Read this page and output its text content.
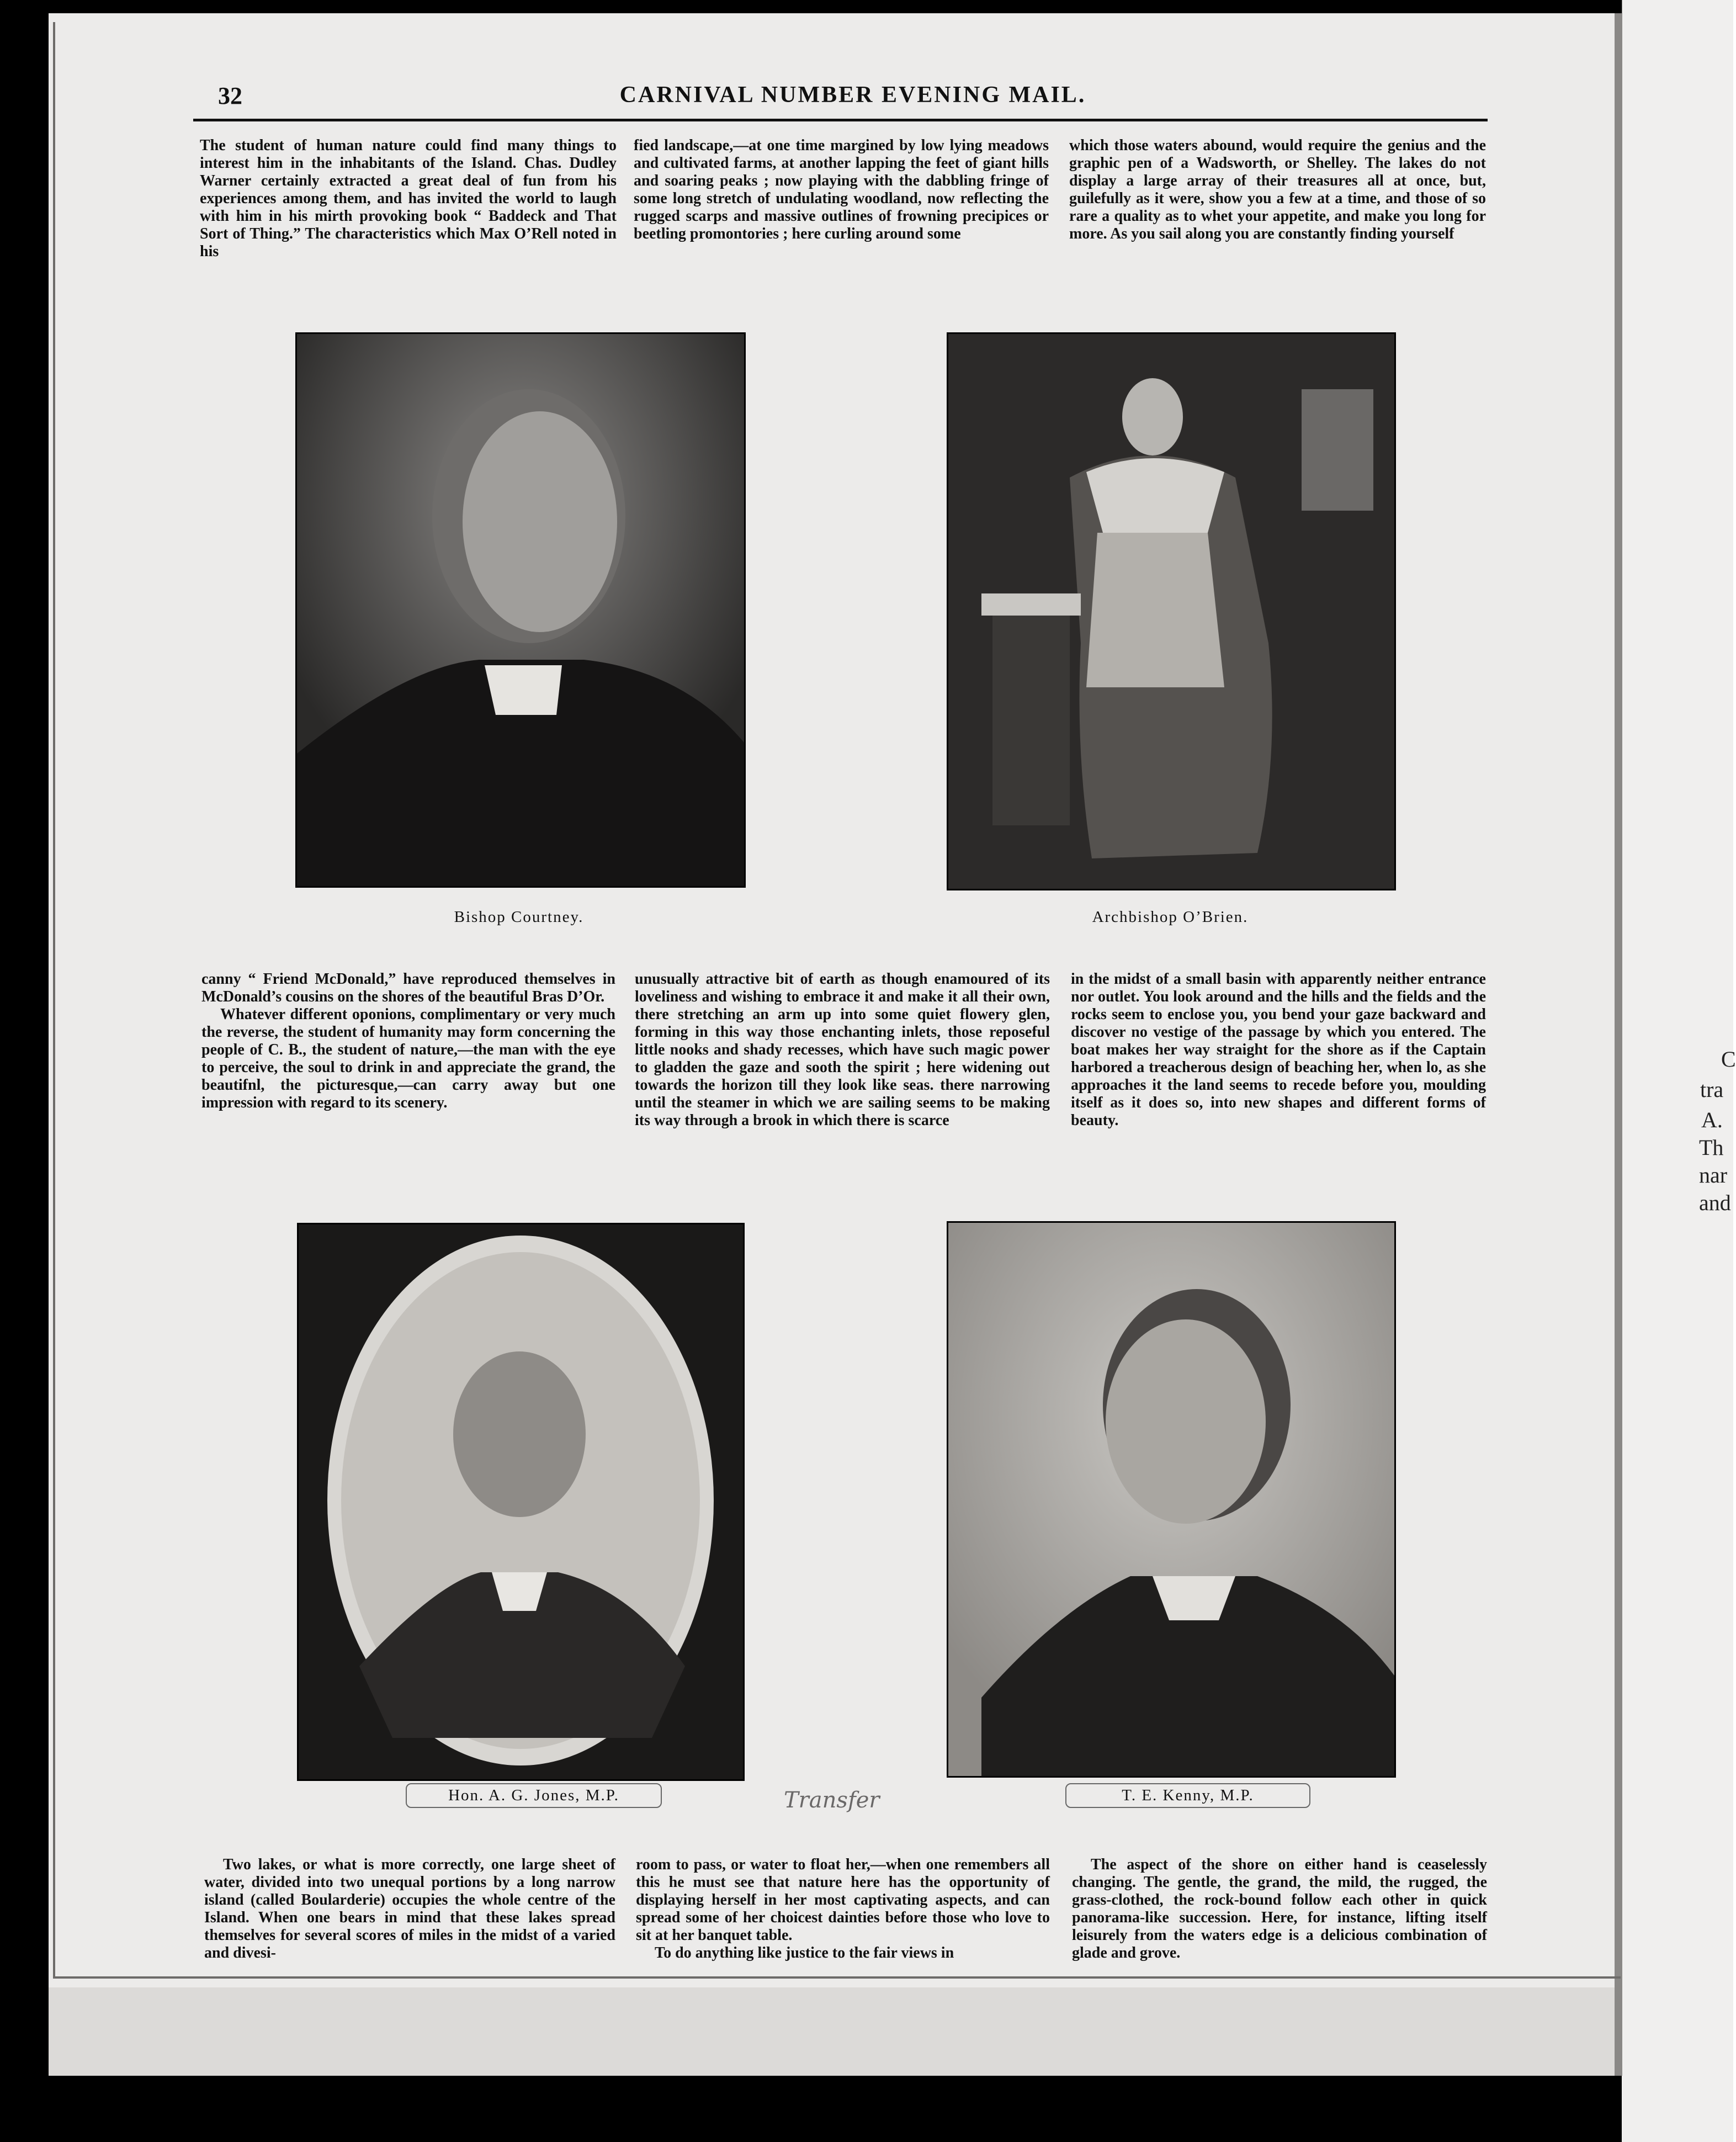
32	CARNIVAL NUMBER EVENING MAIL.

The student of human nature could find many things to interest him in the inhabitants of the Island. Chas. Dudley Warner certainly extracted a great deal of fun from his experiences among them, and has invited the world to laugh with him in his mirth provoking book “ Baddeck and That Sort of Thing.” The characteristics which Max O’Rell noted in his

fied landscape,—at one time margined by low lying meadows and cultivated farms, at another lapping the feet of giant hills and soaring peaks ; now playing with the dabbling fringe of some long stretch of undulating woodland, now reflecting the rugged scarps and massive outlines of frowning precipices or beetling promontories ; here curling around some

which those waters abound, would require the genius and the graphic pen of a Wadsworth, or Shelley. The lakes do not display a large array of their treasures all at once, but, guilefully as it were, show you a few at a time, and those of so rare a quality as to whet your appetite, and make you long for more. As you sail along you are constantly finding yourself

Bishop Courtney.	Archbishop O’Brien.

canny “ Friend McDonald,” have reproduced themselves in McDonald’s cousins on the shores of the beautiful Bras D’Or.

Whatever different oponions, complimentary or very much the reverse, the student of humanity may form concerning the people of C. B., the student of nature,—the man with the eye to perceive, the soul to drink in and appreciate the grand, the beautifnl, the picturesque,—can carry away but one impression with regard to its scenery.

unusually attractive bit of earth as though enamoured of its loveliness and wishing to embrace it and make it all their own, there stretching an arm up into some quiet flowery glen, forming in this way those enchanting inlets, those reposeful little nooks and shady recesses, which have such magic power to gladden the gaze and sooth the spirit ; here widening out towards the horizon till they look like seas. there narrowing until the steamer in which we are sailing seems to be making its way through a brook in which there is scarce

in the midst of a small basin with apparently neither entrance nor outlet. You look around and the hills and the fields and the rocks seem to enclose you, you bend your gaze backward and discover no vestige of the passage by which you entered. The boat makes her way straight for the shore as if the Captain harbored a treacherous design of beaching her, when lo, as she approaches it the land seems to recede before you, moulding itself as it does so, into new shapes and different forms of beauty.

Hon. A. G. Jones, M.P.	T. E. Kenny, M.P.
Transfer

Two lakes, or what is more correctly, one large sheet of water, divided into two unequal portions by a long narrow island (called Boularderie) occupies the whole centre of the Island. When one bears in mind that these lakes spread themselves for several scores of miles in the midst of a varied and divesi-

room to pass, or water to float her,—when one remembers all this he must see that nature here has the opportunity of displaying herself in her most captivating aspects, and can spread some of her choicest dainties before those who love to sit at her banquet table.

To do anything like justice to the fair views in

The aspect of the shore on either hand is ceaselessly changing. The gentle, the grand, the mild, the rugged, the grass-clothed, the rock-bound follow each other in quick panorama-like succession. Here, for instance, lifting itself leisurely from the waters edge is a delicious combination of glade and grove.

C
tra
A.
Th
nar
and
